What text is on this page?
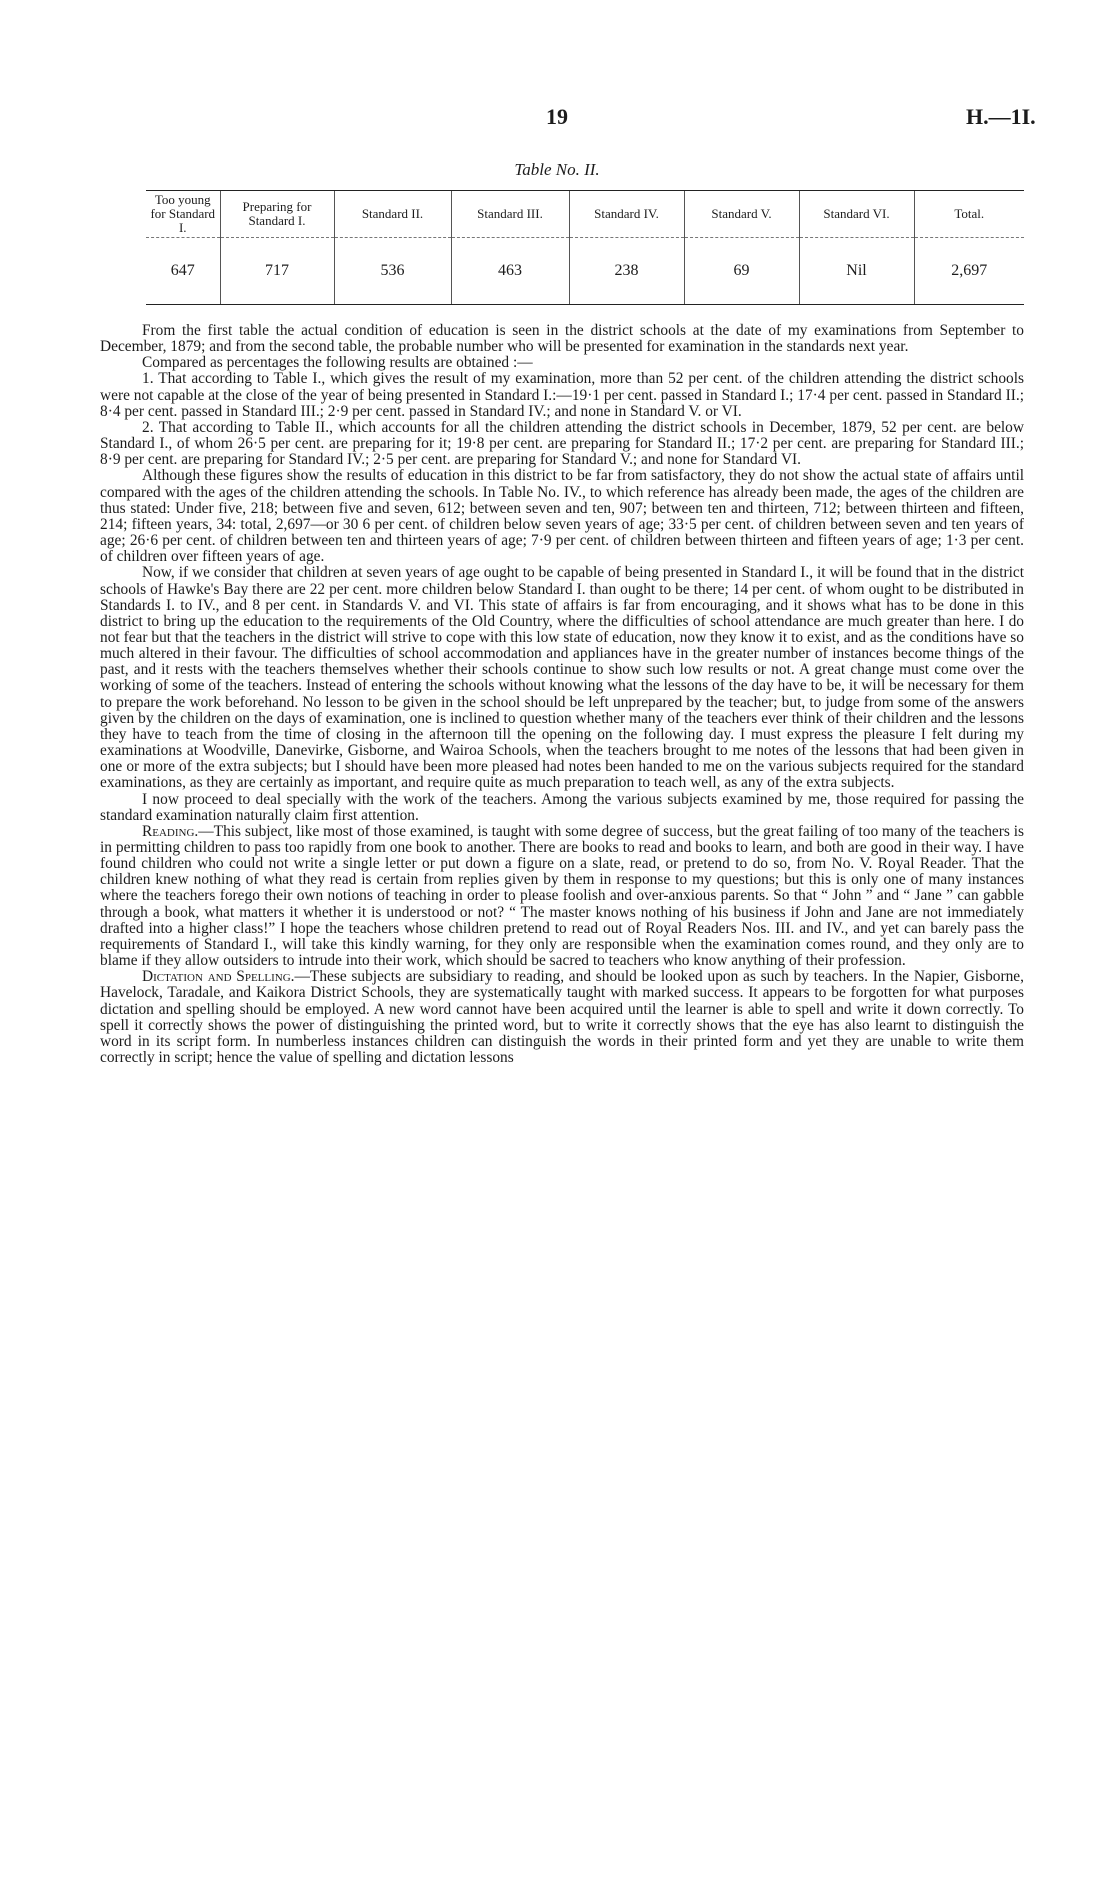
19	H.—1I.
Table No. II.
Too young for Standard I.	Preparing for Standard I.	Standard II.	Standard III.	Standard IV.	Standard V.	Standard VI.	Total.
647	717	536	463	238	69	Nil	2,697

From the first table the actual condition of education is seen in the district schools at the date of my examinations from September to December, 1879; and from the second table, the probable number who will be presented for examination in the standards next year.

Compared as percentages the following results are obtained :—

1. That according to Table I., which gives the result of my examination, more than 52 per cent. of the children attending the district schools were not capable at the close of the year of being presented in Standard I.:—19·1 per cent. passed in Standard I.; 17·4 per cent. passed in Standard II.; 8·4 per cent. passed in Standard III.; 2·9 per cent. passed in Standard IV.; and none in Standard V. or VI.

2. That according to Table II., which accounts for all the children attending the district schools in December, 1879, 52 per cent. are below Standard I., of whom 26·5 per cent. are preparing for it; 19·8 per cent. are preparing for Standard II.; 17·2 per cent. are preparing for Standard III.; 8·9 per cent. are preparing for Standard IV.; 2·5 per cent. are preparing for Standard V.; and none for Standard VI.

Although these figures show the results of education in this district to be far from satisfactory, they do not show the actual state of affairs until compared with the ages of the children attending the schools. In Table No. IV., to which reference has already been made, the ages of the children are thus stated: Under five, 218; between five and seven, 612; between seven and ten, 907; between ten and thirteen, 712; between thirteen and fifteen, 214; fifteen years, 34: total, 2,697—or 30 6 per cent. of children below seven years of age; 33·5 per cent. of children between seven and ten years of age; 26·6 per cent. of children between ten and thirteen years of age; 7·9 per cent. of children between thirteen and fifteen years of age; 1·3 per cent. of children over fifteen years of age.

Now, if we consider that children at seven years of age ought to be capable of being presented in Standard I., it will be found that in the district schools of Hawke's Bay there are 22 per cent. more children below Standard I. than ought to be there; 14 per cent. of whom ought to be distributed in Standards I. to IV., and 8 per cent. in Standards V. and VI. This state of affairs is far from encouraging, and it shows what has to be done in this district to bring up the education to the requirements of the Old Country, where the difficulties of school attendance are much greater than here. I do not fear but that the teachers in the district will strive to cope with this low state of education, now they know it to exist, and as the conditions have so much altered in their favour. The difficulties of school accommodation and appliances have in the greater number of instances become things of the past, and it rests with the teachers themselves whether their schools continue to show such low results or not. A great change must come over the working of some of the teachers. Instead of entering the schools without knowing what the lessons of the day have to be, it will be necessary for them to prepare the work beforehand. No lesson to be given in the school should be left unprepared by the teacher; but, to judge from some of the answers given by the children on the days of examination, one is inclined to question whether many of the teachers ever think of their children and the lessons they have to teach from the time of closing in the afternoon till the opening on the following day. I must express the pleasure I felt during my examinations at Woodville, Danevirke, Gisborne, and Wairoa Schools, when the teachers brought to me notes of the lessons that had been given in one or more of the extra subjects; but I should have been more pleased had notes been handed to me on the various subjects required for the standard examinations, as they are certainly as important, and require quite as much preparation to teach well, as any of the extra subjects.

I now proceed to deal specially with the work of the teachers. Among the various subjects examined by me, those required for passing the standard examination naturally claim first attention.

Reading.—This subject, like most of those examined, is taught with some degree of success, but the great failing of too many of the teachers is in permitting children to pass too rapidly from one book to another. There are books to read and books to learn, and both are good in their way. I have found children who could not write a single letter or put down a figure on a slate, read, or pretend to do so, from No. V. Royal Reader. That the children knew nothing of what they read is certain from replies given by them in response to my questions; but this is only one of many instances where the teachers forego their own notions of teaching in order to please foolish and over-anxious parents. So that “ John ” and “ Jane ” can gabble through a book, what matters it whether it is understood or not? “ The master knows nothing of his business if John and Jane are not immediately drafted into a higher class!” I hope the teachers whose children pretend to read out of Royal Readers Nos. III. and IV., and yet can barely pass the requirements of Standard I., will take this kindly warning, for they only are responsible when the examination comes round, and they only are to blame if they allow outsiders to intrude into their work, which should be sacred to teachers who know anything of their profession.

Dictation and Spelling.—These subjects are subsidiary to reading, and should be looked upon as such by teachers. In the Napier, Gisborne, Havelock, Taradale, and Kaikora District Schools, they are systematically taught with marked success. It appears to be forgotten for what purposes dictation and spelling should be employed. A new word cannot have been acquired until the learner is able to spell and write it down correctly. To spell it correctly shows the power of distinguishing the printed word, but to write it correctly shows that the eye has also learnt to distinguish the word in its script form. In numberless instances children can distinguish the words in their printed form and yet they are unable to write them correctly in script; hence the value of spelling and dictation lessons
